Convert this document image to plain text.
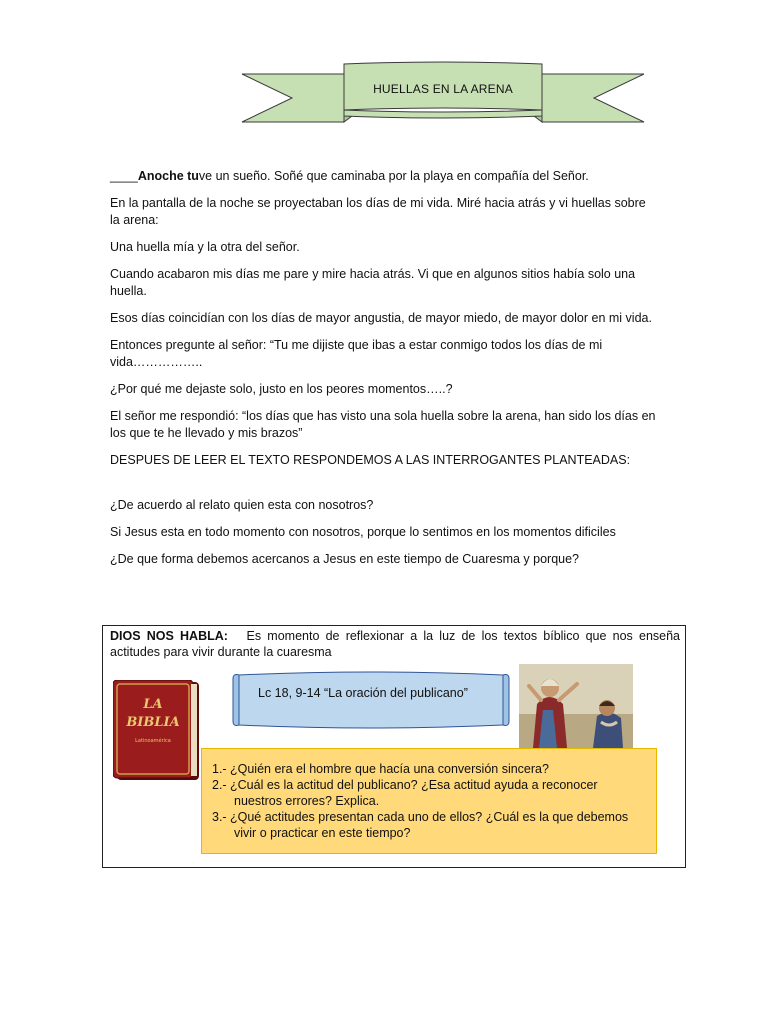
HUELLAS EN LA ARENA

____Anoche tuve un sueño. Soñé que caminaba por la playa en compañía del Señor.

En la pantalla de la noche se proyectaban los días de mi vida. Miré hacia atrás y vi huellas sobre la arena:

Una huella mía y la otra del señor.

Cuando acabaron mis días me pare y mire hacia atrás. Vi que en algunos sitios había solo una huella.

Esos días coincidían con los días de mayor angustia, de mayor miedo, de mayor dolor en mi vida.

Entonces pregunte al señor: “Tu me dijiste que ibas a estar conmigo todos los días de mi vida……………..

¿Por qué me dejaste solo, justo en los peores momentos…..?

El señor me respondió: “los días que has visto una sola huella sobre la arena, han sido los días en los que te he llevado y mis brazos”

DESPUES DE LEER EL TEXTO RESPONDEMOS A LAS INTERROGANTES PLANTEADAS:

¿De acuerdo al relato quien esta con nosotros?

Si Jesus esta en todo momento con nosotros, porque lo sentimos en los momentos dificiles

¿De que forma debemos acercanos a Jesus en este tiempo de Cuaresma y porque?

DIOS NOS HABLA: Es momento de reflexionar a la luz de los textos bíblico que nos enseña actitudes para vivir durante la cuaresma
LA
BIBLIA
Latinoamérica
Lc 18, 9-14 “La oración del publicano”
1.- ¿Quién era el hombre que hacía una conversión sincera?
2.- ¿Cuál es la actitud del publicano? ¿Esa actitud ayuda a reconocer
nuestros errores? Explica.
3.- ¿Qué actitudes presentan cada uno de ellos? ¿Cuál es la que debemos
vivir o practicar en este tiempo?
